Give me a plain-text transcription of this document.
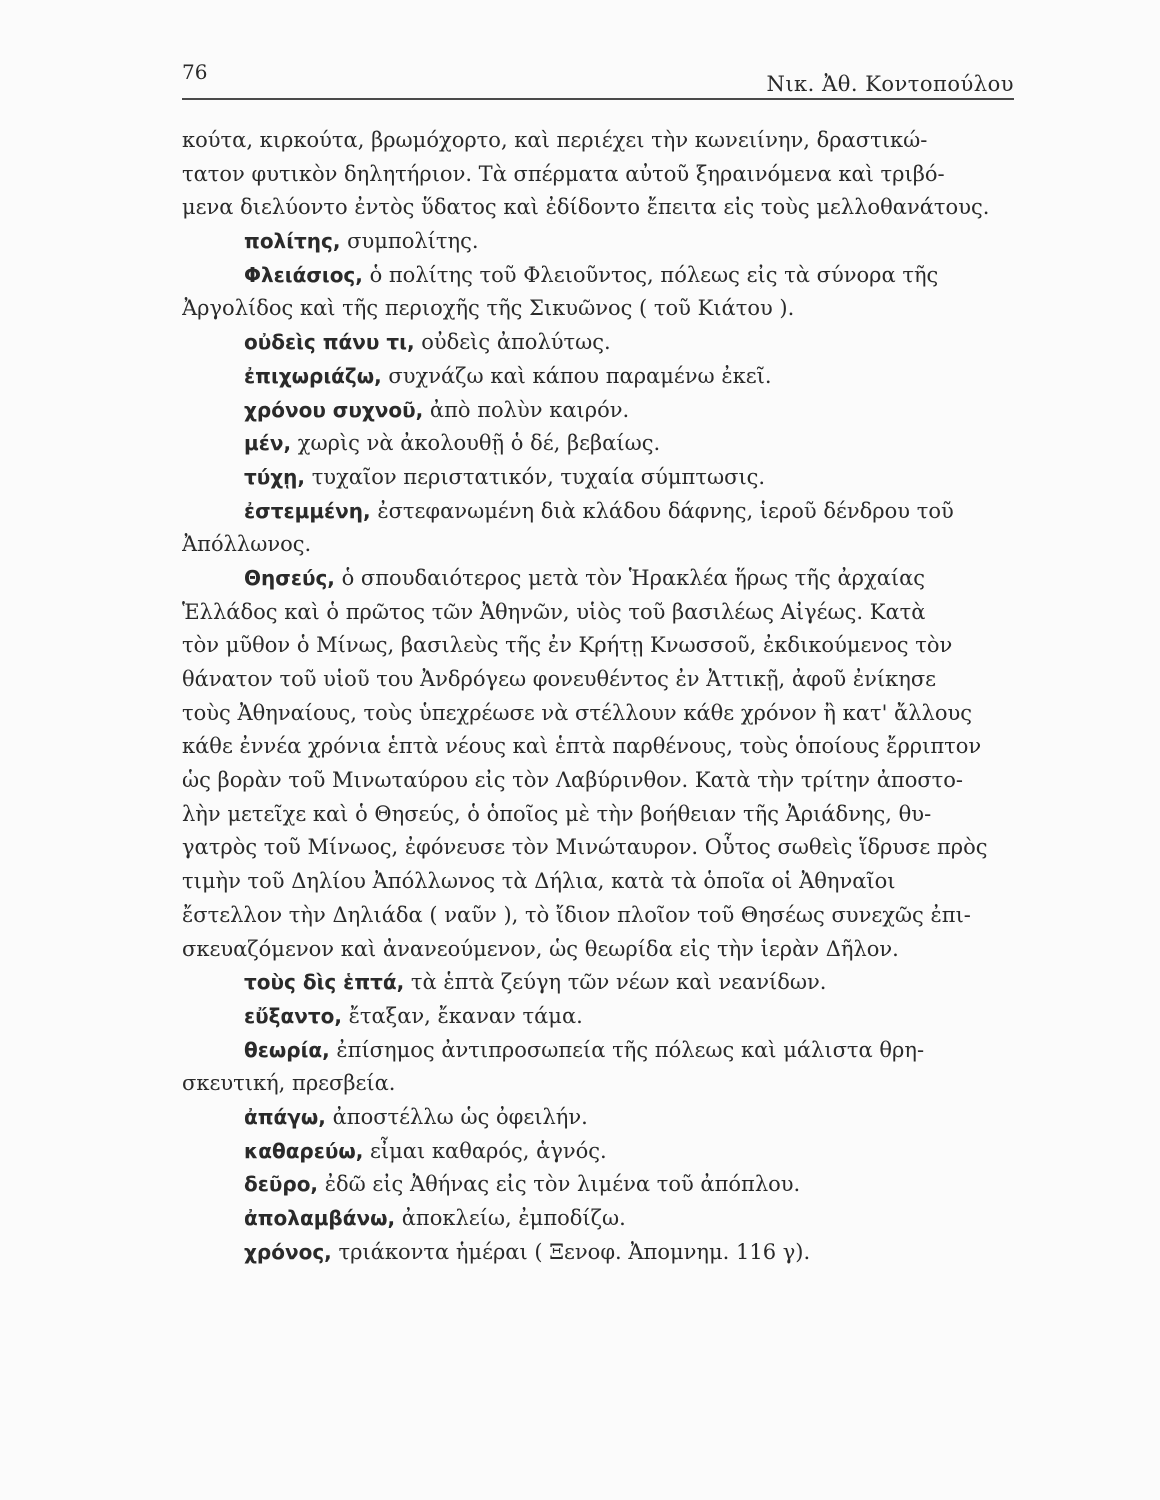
76	Νικ. Ἀθ. Κοντοπούλου
κούτα, κιρκούτα, βρωμόχορτο, καὶ περιέχει τὴν κωνειίνην, δραστικώ-
τατον φυτικὸν δηλητήριον. Τὰ σπέρματα αὐτοῦ ξηραινόμενα καὶ τριβό-
μενα διελύοντο ἐντὸς ὕδατος καὶ ἐδίδοντο ἔπειτα εἰς τοὺς μελλοθανάτους.
πολίτης, συμπολίτης.
Φλειάσιος, ὁ πολίτης τοῦ Φλειοῦντος, πόλεως εἰς τὰ σύνορα τῆς
Ἀργολίδος καὶ τῆς περιοχῆς τῆς Σικυῶνος ( τοῦ Κιάτου ).
οὐδεὶς πάνυ τι, οὐδεὶς ἀπολύτως.
ἐπιχωριάζω, συχνάζω καὶ κάπου παραμένω ἐκεῖ.
χρόνου συχνοῦ, ἀπὸ πολὺν καιρόν.
μέν, χωρὶς νὰ ἀκολουθῇ ὁ δέ, βεβαίως.
τύχῃ, τυχαῖον περιστατικόν, τυχαία σύμπτωσις.
ἐστεμμένη, ἐστεφανωμένη διὰ κλάδου δάφνης, ἱεροῦ δένδρου τοῦ
Ἀπόλλωνος.
Θησεύς, ὁ σπουδαιότερος μετὰ τὸν Ἡρακλέα ἥρως τῆς ἀρχαίας
Ἑλλάδος καὶ ὁ πρῶτος τῶν Ἀθηνῶν, υἱὸς τοῦ βασιλέως Αἰγέως. Κατὰ
τὸν μῦθον ὁ Μίνως, βασιλεὺς τῆς ἐν Κρήτῃ Κνωσσοῦ, ἐκδικούμενος τὸν
θάνατον τοῦ υἱοῦ του Ἀνδρόγεω φονευθέντος ἐν Ἀττικῇ, ἀφοῦ ἐνίκησε
τοὺς Ἀθηναίους, τοὺς ὑπεχρέωσε νὰ στέλλουν κάθε χρόνον ἢ κατ' ἄλλους
κάθε ἐννέα χρόνια ἑπτὰ νέους καὶ ἑπτὰ παρθένους, τοὺς ὁποίους ἔρριπτον
ὡς βορὰν τοῦ Μινωταύρου εἰς τὸν Λαβύρινθον. Κατὰ τὴν τρίτην ἀποστο-
λὴν μετεῖχε καὶ ὁ Θησεύς, ὁ ὁποῖος μὲ τὴν βοήθειαν τῆς Ἀριάδνης, θυ-
γατρὸς τοῦ Μίνωος, ἐφόνευσε τὸν Μινώταυρον. Οὗτος σωθεὶς ἵδρυσε πρὸς
τιμὴν τοῦ Δηλίου Ἀπόλλωνος τὰ Δήλια, κατὰ τὰ ὁποῖα οἱ Ἀθηναῖοι
ἔστελλον τὴν Δηλιάδα ( ναῦν ), τὸ ἴδιον πλοῖον τοῦ Θησέως συνεχῶς ἐπι-
σκευαζόμενον καὶ ἀνανεούμενον, ὡς θεωρίδα εἰς τὴν ἱερὰν Δῆλον.
τοὺς δὶς ἑπτά, τὰ ἑπτὰ ζεύγη τῶν νέων καὶ νεανίδων.
εὔξαντο, ἔταξαν, ἔκαναν τάμα.
θεωρία, ἐπίσημος ἀντιπροσωπεία τῆς πόλεως καὶ μάλιστα θρη-
σκευτική, πρεσβεία.
ἀπάγω, ἀποστέλλω ὡς ὀφειλήν.
καθαρεύω, εἶμαι καθαρός, ἁγνός.
δεῦρο, ἐδῶ εἰς Ἀθήνας εἰς τὸν λιμένα τοῦ ἀπόπλου.
ἀπολαμβάνω, ἀποκλείω, ἐμποδίζω.
χρόνος, τριάκοντα ἡμέραι ( Ξενοφ. Ἀπομνημ. 116 γ).
